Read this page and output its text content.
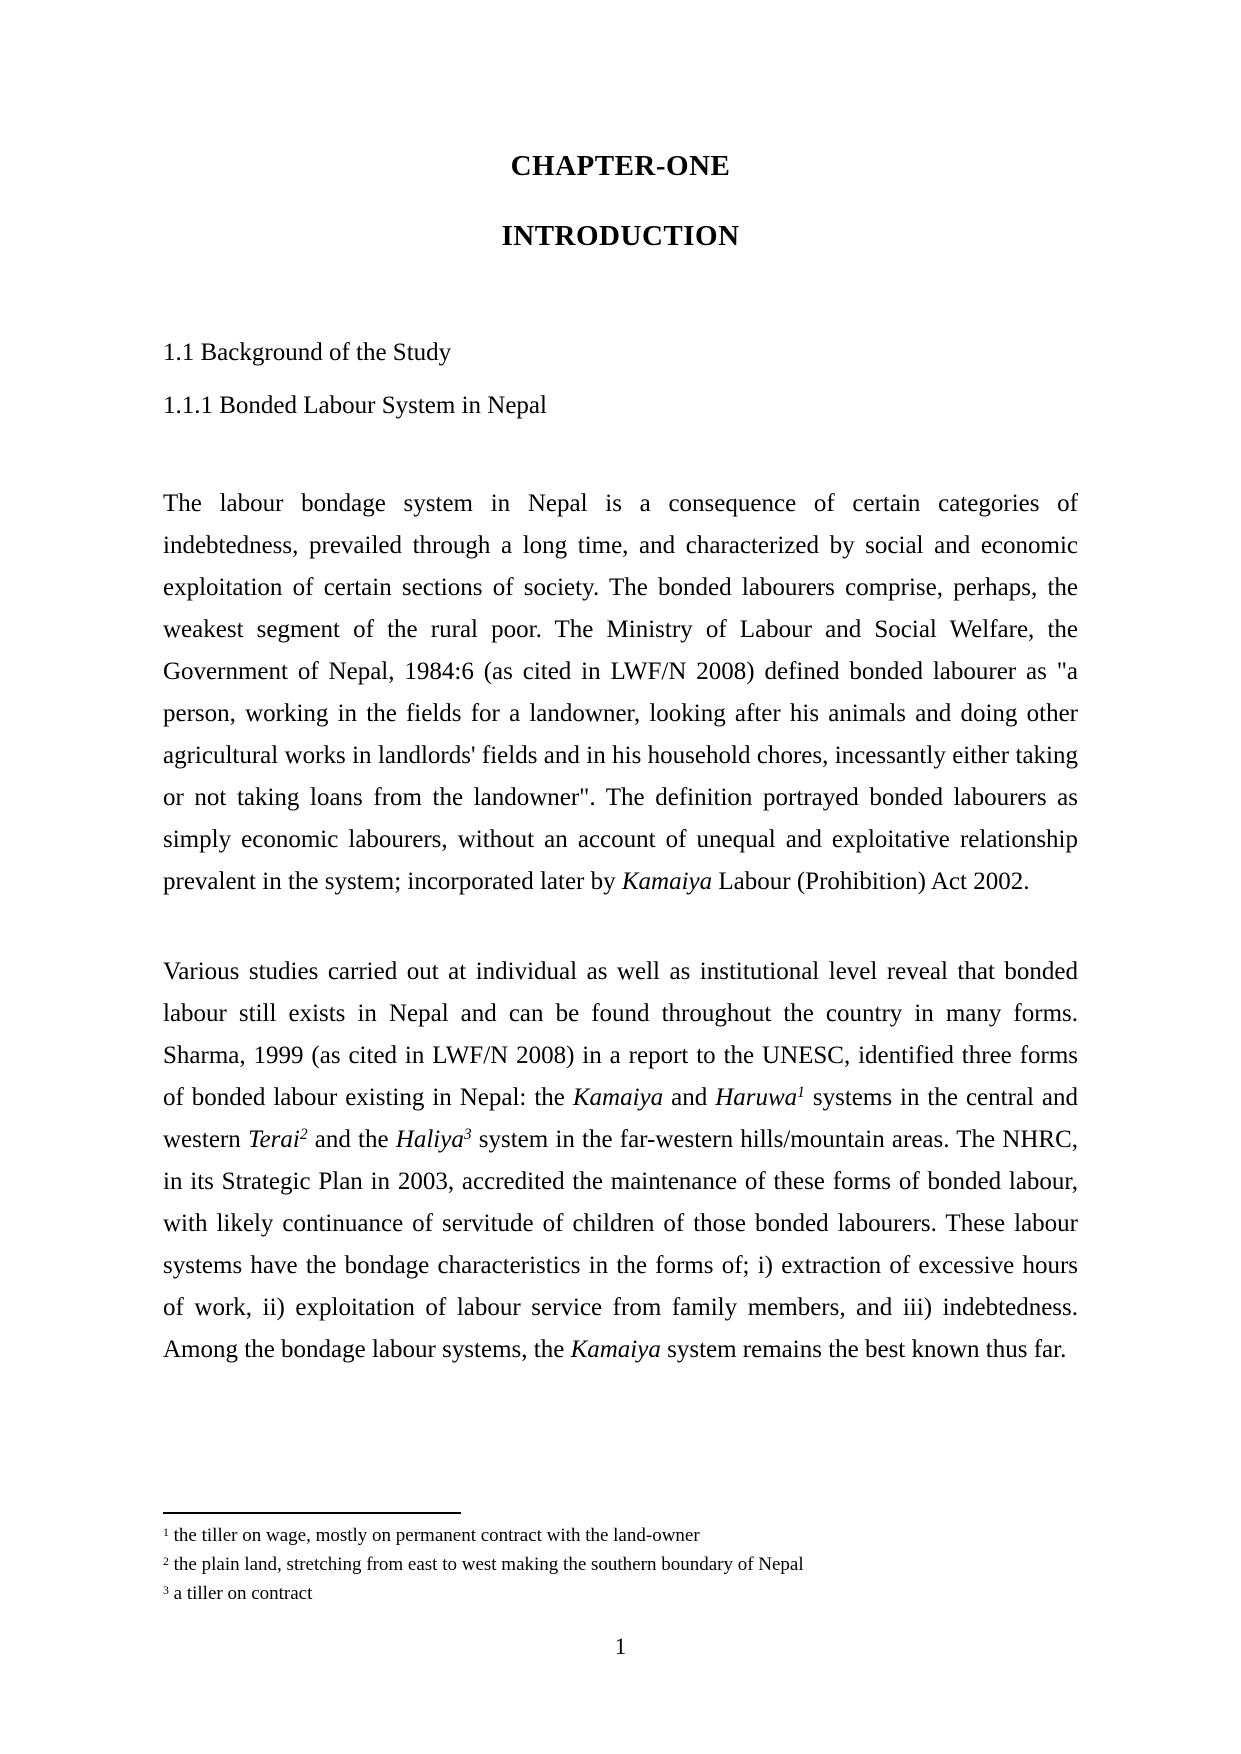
CHAPTER-ONE
INTRODUCTION
1.1 Background of the Study
1.1.1 Bonded Labour System in Nepal

The labour bondage system in Nepal is a consequence of certain categories of indebtedness, prevailed through a long time, and characterized by social and economic exploitation of certain sections of society. The bonded labourers comprise, perhaps, the weakest segment of the rural poor. The Ministry of Labour and Social Welfare, the Government of Nepal, 1984:6 (as cited in LWF/N 2008) defined bonded labourer as "a person, working in the fields for a landowner, looking after his animals and doing other agricultural works in landlords' fields and in his household chores, incessantly either taking or not taking loans from the landowner". The definition portrayed bonded labourers as simply economic labourers, without an account of unequal and exploitative relationship prevalent in the system; incorporated later by Kamaiya Labour (Prohibition) Act 2002.

Various studies carried out at individual as well as institutional level reveal that bonded labour still exists in Nepal and can be found throughout the country in many forms. Sharma, 1999 (as cited in LWF/N 2008) in a report to the UNESC, identified three forms of bonded labour existing in Nepal: the Kamaiya and Haruwa$^1$ systems in the central and western Terai$^2$ and the Haliya$^3$ system in the far-western hills/mountain areas. The NHRC, in its Strategic Plan in 2003, accredited the maintenance of these forms of bonded labour, with likely continuance of servitude of children of those bonded labourers. These labour systems have the bondage characteristics in the forms of; i) extraction of excessive hours of work, ii) exploitation of labour service from family members, and iii) indebtedness. Among the bondage labour systems, the Kamaiya system remains the best known thus far.

$^1$ the tiller on wage, mostly on permanent contract with the land-owner
$^2$ the plain land, stretching from east to west making the southern boundary of Nepal
$^3$ a tiller on contract
1
